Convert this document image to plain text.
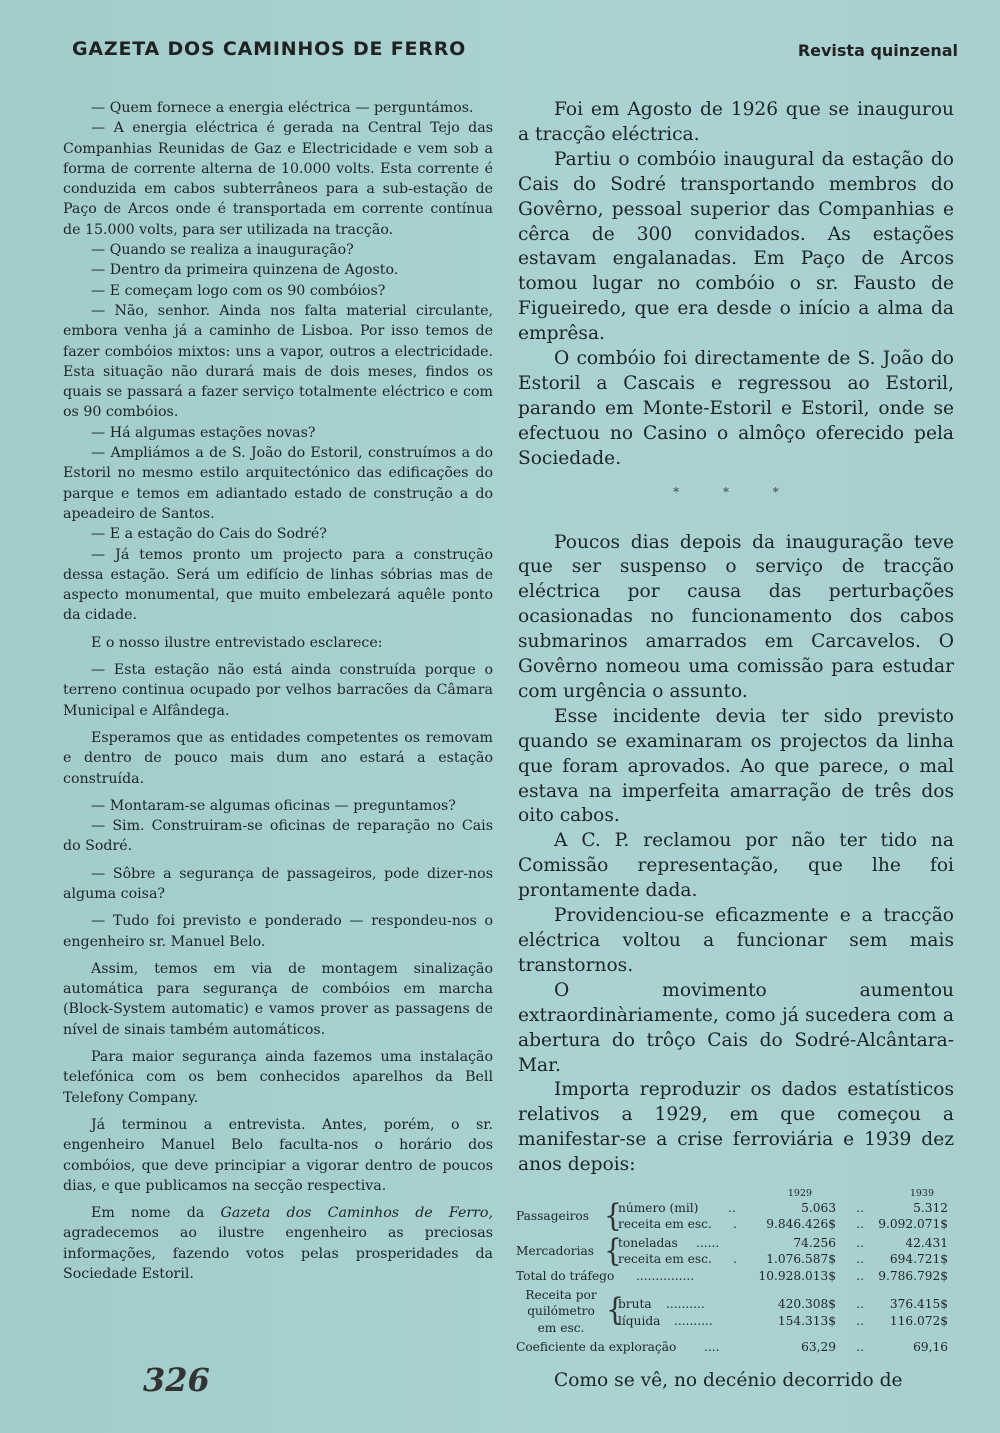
GAZETA DOS CAMINHOS DE FERRO	Revista quinzenal

— Quem fornece a energia eléctrica — perguntámos.

— A energia eléctrica é gerada na Central Tejo das Companhias Reunidas de Gaz e Electricidade e vem sob a forma de corrente alterna de 10.000 volts. Esta corrente é conduzida em cabos subterrâneos para a sub-estação de Paço de Arcos onde é transportada em corrente contínua de 15.000 volts, para ser utilizada na tracção.

— Quando se realiza a inauguração?

— Dentro da primeira quinzena de Agosto.

— E começam logo com os 90 combóios?

— Não, senhor. Ainda nos falta material circulante, embora venha já a caminho de Lisboa. Por isso temos de fazer combóios mixtos: uns a vapor, outros a electricidade. Esta situação não durará mais de dois meses, findos os quais se passará a fazer serviço totalmente eléctrico e com os 90 combóios.

— Há algumas estações novas?

— Ampliámos a de S. João do Estoril, construímos a do Estoril no mesmo estilo arquitectónico das edificações do parque e temos em adiantado estado de construção a do apeadeiro de Santos.

— E a estação do Cais do Sodré?

— Já temos pronto um projecto para a construção dessa estação. Será um edifício de linhas sóbrias mas de aspecto monumental, que muito embelezará aquêle ponto da cidade.

E o nosso ilustre entrevistado esclarece:

— Esta estação não está ainda construída porque o terreno continua ocupado por velhos barracões da Câmara Municipal e Alfândega.

Esperamos que as entidades competentes os removam e dentro de pouco mais dum ano estará a estação construída.

— Montaram-se algumas oficinas — preguntamos?

— Sim. Construiram-se oficinas de reparação no Cais do Sodré.

— Sôbre a segurança de passageiros, pode dizer-nos alguma coisa?

— Tudo foi previsto e ponderado — respondeu-nos o engenheiro sr. Manuel Belo.

Assim, temos em via de montagem sinalização automática para segurança de combóios em marcha (Block-System automatic) e vamos prover as passagens de nível de sinais também automáticos.

Para maior segurança ainda fazemos uma instalação telefónica com os bem conhecidos aparelhos da Bell Telefony Company.

Já terminou a entrevista. Antes, porém, o sr. engenheiro Manuel Belo faculta-nos o horário dos combóios, que deve principiar a vigorar dentro de poucos dias, e que publicamos na secção respectiva.

Em nome da Gazeta dos Caminhos de Ferro, agradecemos ao ilustre engenheiro as preciosas informações, fazendo votos pelas prosperidades da Sociedade Estoril.

Foi em Agosto de 1926 que se inaugurou a tracção eléctrica.

Partiu o combóio inaugural da estação do Cais do Sodré transportando membros do Govêrno, pessoal superior das Companhias e cêrca de 300 convidados. As estações estavam engalanadas. Em Paço de Arcos tomou lugar no combóio o sr. Fausto de Figueiredo, que era desde o início a alma da emprêsa.

O combóio foi directamente de S. João do Estoril a Cascais e regressou ao Estoril, parando em Monte-Estoril e Estoril, onde se efectuou no Casino o almôço oferecido pela Sociedade.

* * *

Poucos dias depois da inauguração teve que ser suspenso o serviço de tracção eléctrica por causa das perturbações ocasionadas no funcionamento dos cabos submarinos amarrados em Carcavelos. O Govêrno nomeou uma comissão para estudar com urgência o assunto.

Esse incidente devia ter sido previsto quando se examinaram os projectos da linha que foram aprovados. Ao que parece, o mal estava na imperfeita amarração de três dos oito cabos.

A C. P. reclamou por não ter tido na Comissão representação, que lhe foi prontamente dada.

Providenciou-se eficazmente e a tracção eléctrica voltou a funcionar sem mais transtornos.

O movimento aumentou extraordinàriamente, como já sucedera com a abertura do trôço Cais do Sodré-Alcântara-Mar.

Importa reproduzir os dados estatísticos relativos a 1929, em que começou a manifestar-se a crise ferroviária e 1939 dez anos depois:

1929	1939
Passageiros {
número (mil) ..	5.063 ..	5.312
receita em esc. . 9.846.426$ .. 9.092.071$
Mercadorias {
toneladas ......	74.256 ..	42.431
receita em esc. . 1.076.587$ .. 694.721$
Total do tráfego ...............	10.928.013$ .. 9.786.792$
Receita por
quilómetro
em esc.
{
bruta ..........	420.308$ .. 376.415$
líquida ..........	154.313$ .. 116.072$
Coeficiente da exploração ....	63,29 ..	69,16

Como se vê, no decénio decorrido de

326
